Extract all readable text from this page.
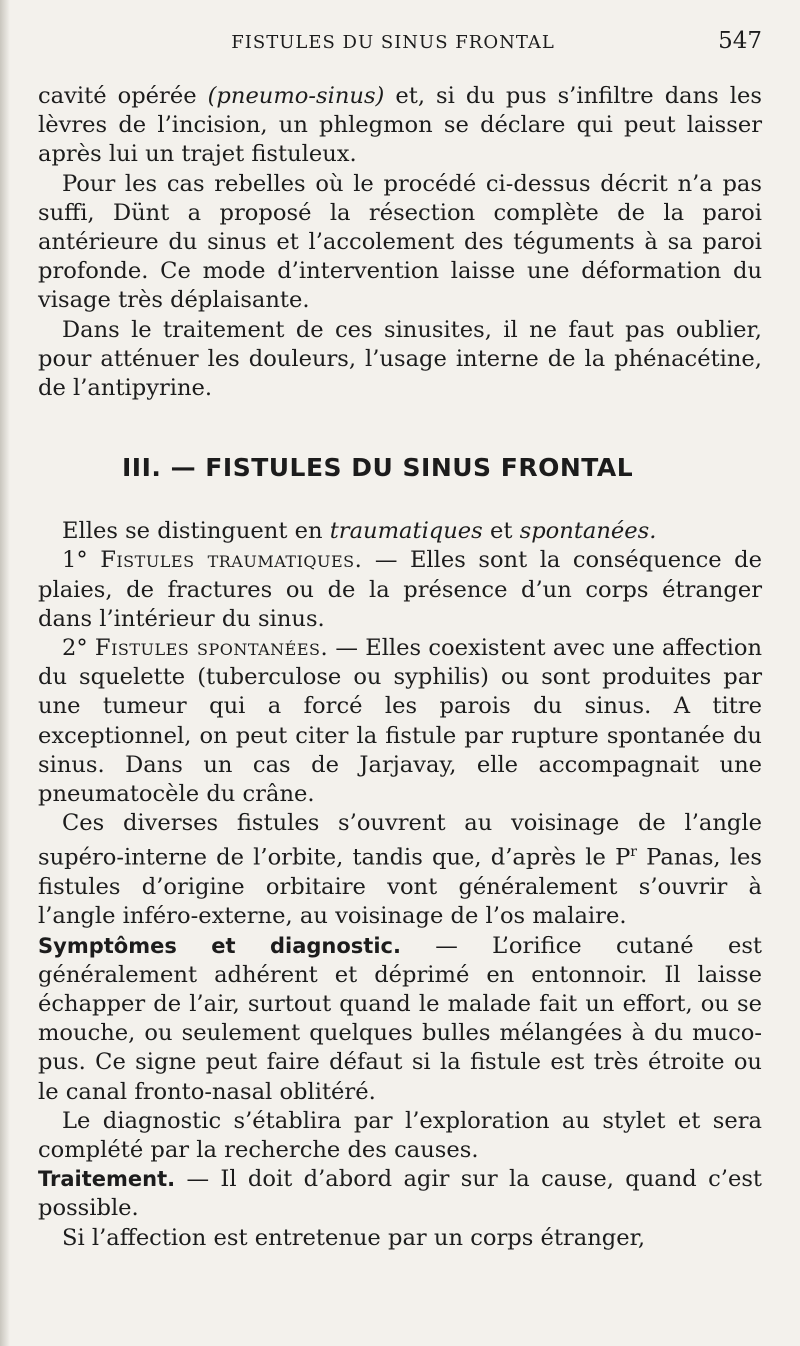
FISTULES DU SINUS FRONTAL	547

cavité opérée (pneumo-sinus) et, si du pus s’infiltre dans les lèvres de l’incision, un phlegmon se déclare qui peut laisser après lui un trajet fistuleux.

Pour les cas rebelles où le procédé ci-dessus décrit n’a pas suffi, Dünt a proposé la résection complète de la paroi antérieure du sinus et l’accolement des téguments à sa paroi profonde. Ce mode d’intervention laisse une déformation du visage très déplaisante.

Dans le traitement de ces sinusites, il ne faut pas oublier, pour atténuer les douleurs, l’usage interne de la phénacétine, de l’antipyrine.

III. — FISTULES DU SINUS FRONTAL

Elles se distinguent en traumatiques et spontanées.

1° Fistules traumatiques. — Elles sont la conséquence de plaies, de fractures ou de la présence d’un corps étranger dans l’intérieur du sinus.

2° Fistules spontanées. — Elles coexistent avec une affection du squelette (tuberculose ou syphilis) ou sont produites par une tumeur qui a forcé les parois du sinus. A titre exceptionnel, on peut citer la fistule par rupture spontanée du sinus. Dans un cas de Jarjavay, elle accompagnait une pneumatocèle du crâne.

Ces diverses fistules s’ouvrent au voisinage de l’angle supéro-interne de l’orbite, tandis que, d’après le $P^r$ Panas, les fistules d’origine orbitaire vont généralement s’ouvrir à l’angle inféro-externe, au voisinage de l’os malaire.

Symptômes et diagnostic. — L’orifice cutané est généralement adhérent et déprimé en entonnoir. Il laisse échapper de l’air, surtout quand le malade fait un effort, ou se mouche, ou seulement quelques bulles mélangées à du muco-pus. Ce signe peut faire défaut si la fistule est très étroite ou le canal fronto-nasal oblitéré.

Le diagnostic s’établira par l’exploration au stylet et sera complété par la recherche des causes.

Traitement. — Il doit d’abord agir sur la cause, quand c’est possible.

Si l’affection est entretenue par un corps étranger,
